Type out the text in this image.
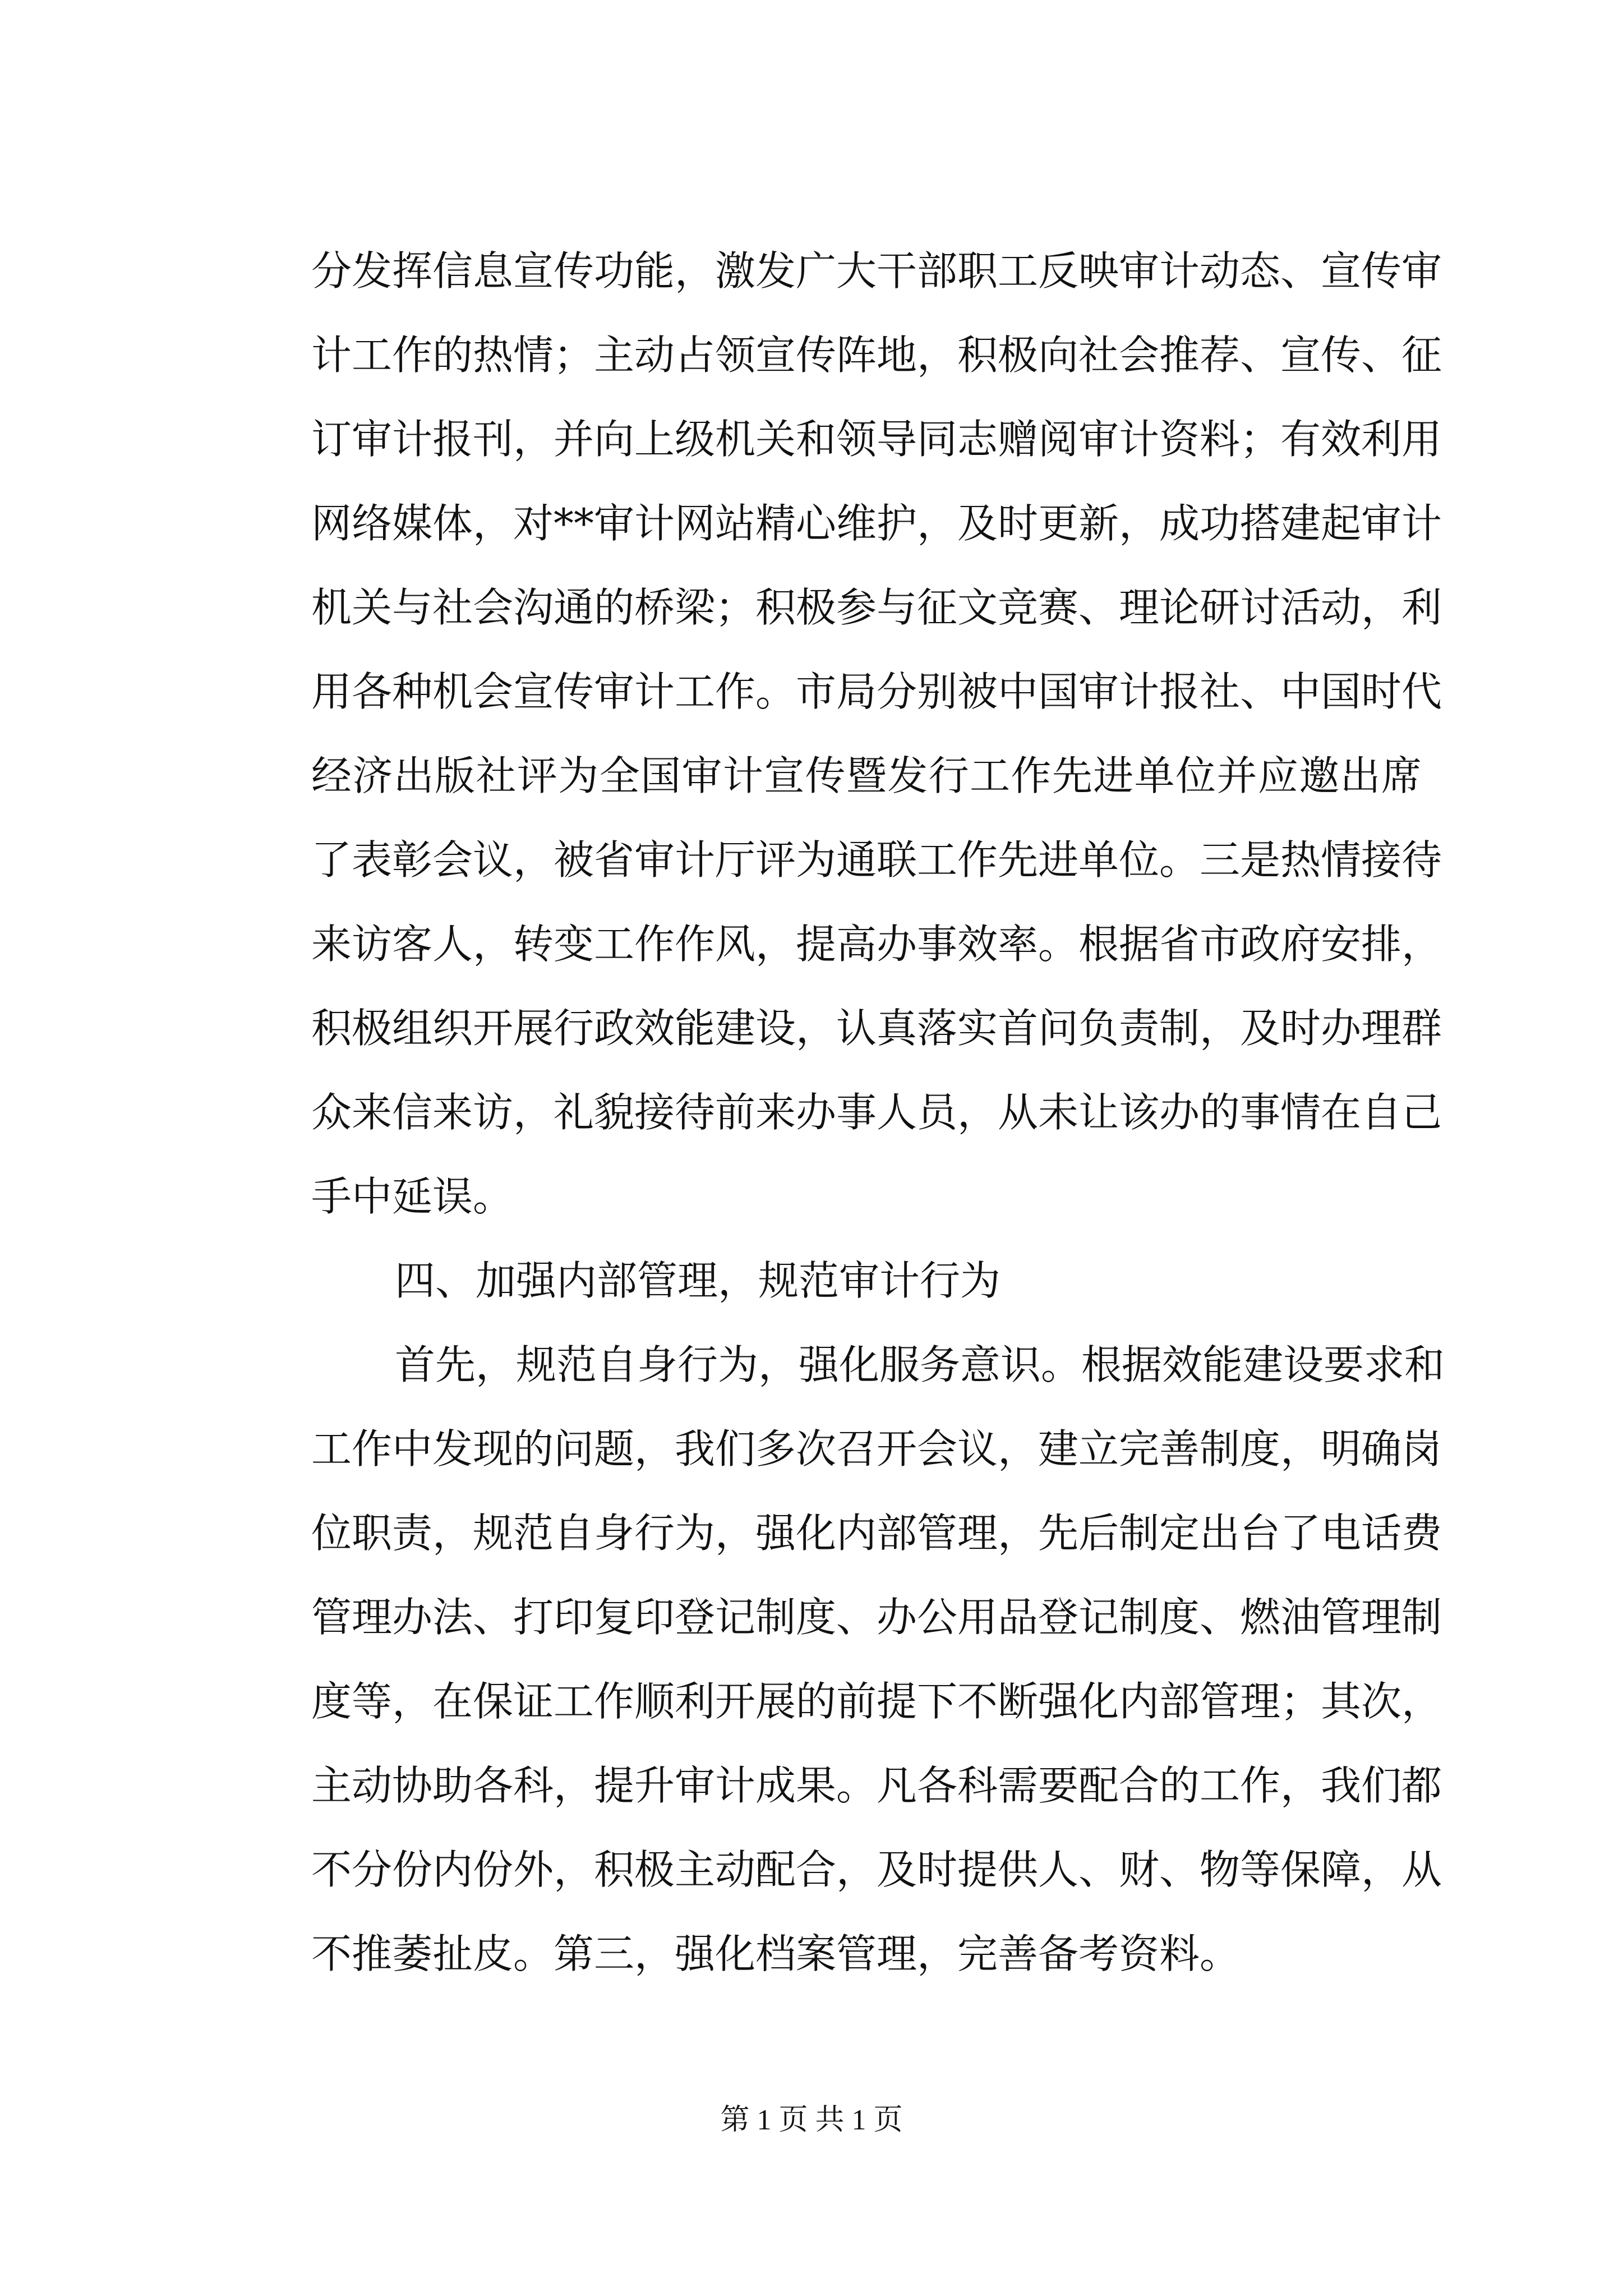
分发挥信息宣传功能，激发广大干部职工反映审计动态、宣传审
计工作的热情；主动占领宣传阵地，积极向社会推荐、宣传、征
订审计报刊，并向上级机关和领导同志赠阅审计资料；有效利用
网络媒体，对**审计网站精心维护，及时更新，成功搭建起审计
机关与社会沟通的桥梁；积极参与征文竞赛、理论研讨活动，利
用各种机会宣传审计工作。市局分别被中国审计报社、中国时代
经济出版社评为全国审计宣传暨发行工作先进单位并应邀出席
了表彰会议，被省审计厅评为通联工作先进单位。三是热情接待
来访客人，转变工作作风，提高办事效率。根据省市政府安排，
积极组织开展行政效能建设，认真落实首问负责制，及时办理群
众来信来访，礼貌接待前来办事人员，从未让该办的事情在自己
手中延误。
四、加强内部管理，规范审计行为
首先，规范自身行为，强化服务意识。根据效能建设要求和
工作中发现的问题，我们多次召开会议，建立完善制度，明确岗
位职责，规范自身行为，强化内部管理，先后制定出台了电话费
管理办法、打印复印登记制度、办公用品登记制度、燃油管理制
度等，在保证工作顺利开展的前提下不断强化内部管理；其次，
主动协助各科，提升审计成果。凡各科需要配合的工作，我们都
不分份内份外，积极主动配合，及时提供人、财、物等保障，从
不推萎扯皮。第三，强化档案管理，完善备考资料。
第 1 页 共 1 页
